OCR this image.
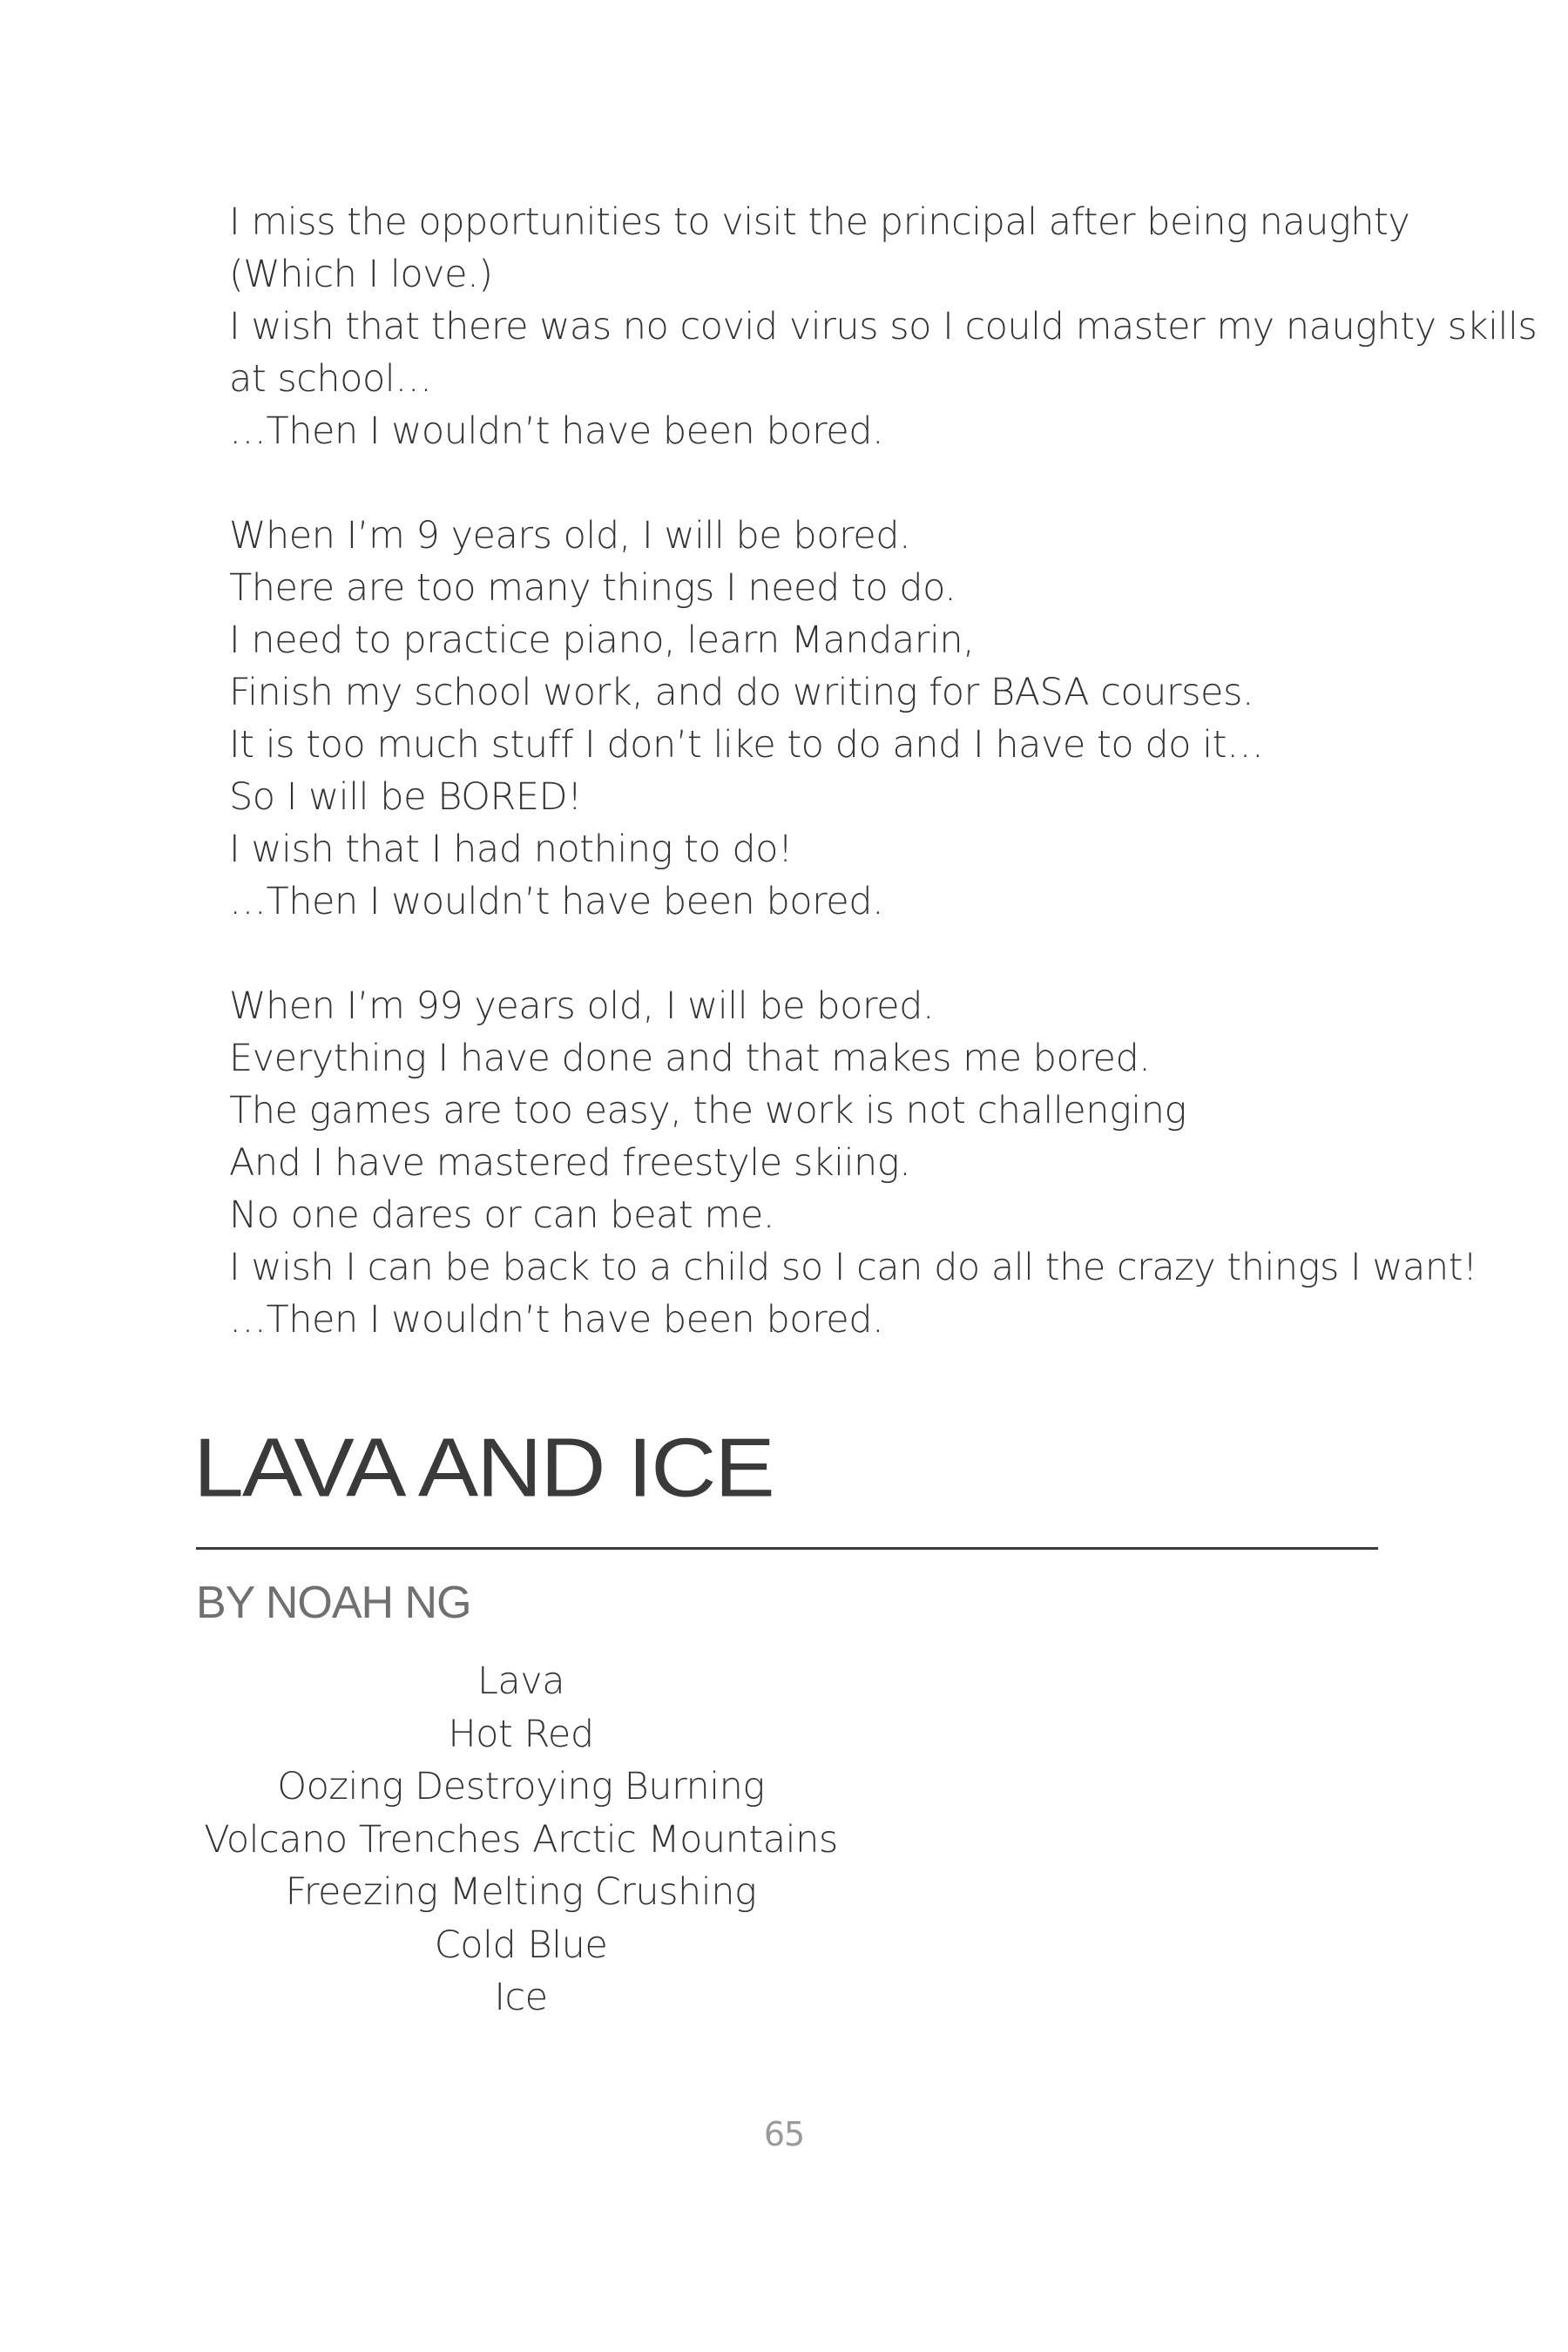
I miss the opportunities to visit the principal after being naughty
(Which I love.)
I wish that there was no covid virus so I could master my naughty skills
at school…
…Then I wouldn’t have been bored.
When I’m 9 years old, I will be bored.
There are too many things I need to do.
I need to practice piano, learn Mandarin,
Finish my school work, and do writing for BASA courses.
It is too much stuff I don’t like to do and I have to do it…
So I will be BORED!
I wish that I had nothing to do!
…Then I wouldn’t have been bored.
When I’m 99 years old, I will be bored.
Everything I have done and that makes me bored.
The games are too easy, the work is not challenging
And I have mastered freestyle skiing.
No one dares or can beat me.
I wish I can be back to a child so I can do all the crazy things I want!
…Then I wouldn’t have been bored.
LAVA AND ICE
BY NOAH NG
Lava
Hot Red
Oozing Destroying Burning
Volcano Trenches Arctic Mountains
Freezing Melting Crushing
Cold Blue
Ice
65
